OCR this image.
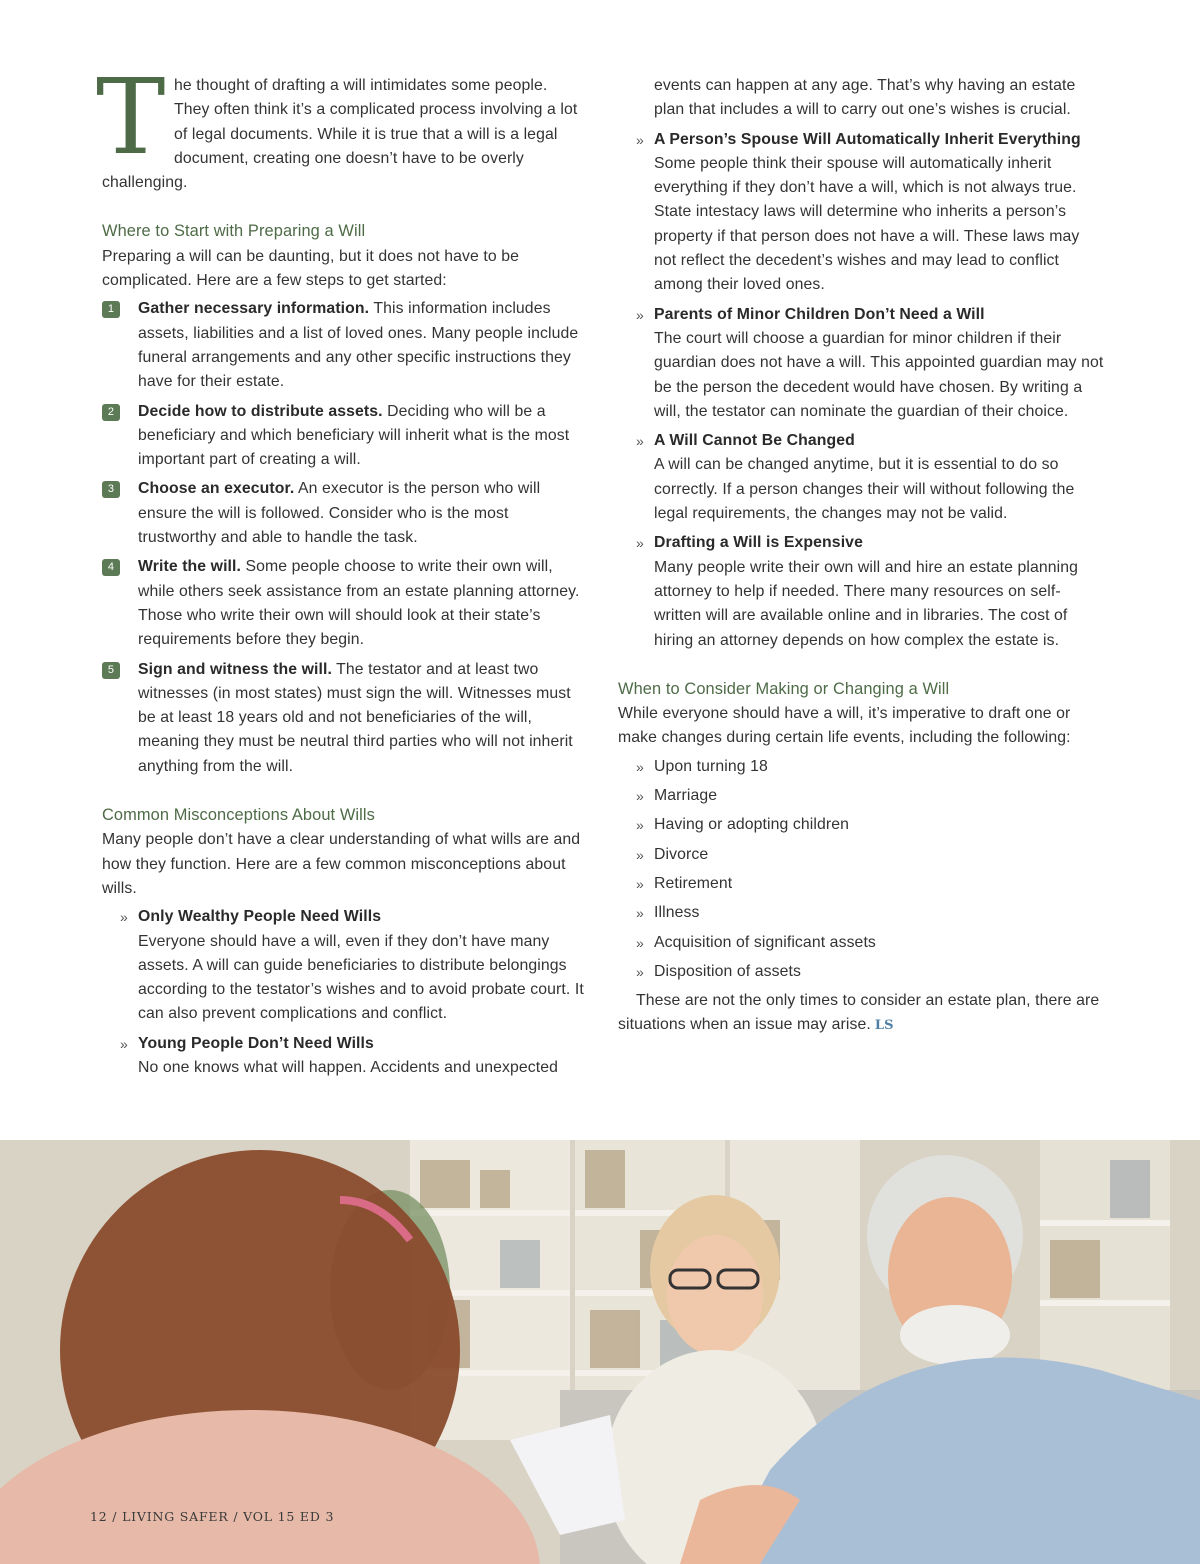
T he thought of drafting a will intimidates some people. They often think it’s a complicated process involving a lot of legal documents. While it is true that a will is a legal document, creating one doesn’t have to be overly challenging.

Where to Start with Preparing a Will

Preparing a will can be daunting, but it does not have to be complicated. Here are a few steps to get started:

1	Gather necessary information. This information includes assets, liabilities and a list of loved ones. Many people include funeral arrangements and any other specific instructions they have for their estate.
2	Decide how to distribute assets. Deciding who will be a beneficiary and which beneficiary will inherit what is the most important part of creating a will.
3	Choose an executor. An executor is the person who will ensure the will is followed. Consider who is the most trustworthy and able to handle the task.
4	Write the will. Some people choose to write their own will, while others seek assistance from an estate planning attorney. Those who write their own will should look at their state’s requirements before they begin.
5	Sign and witness the will. The testator and at least two witnesses (in most states) must sign the will. Witnesses must be at least 18 years old and not beneficiaries of the will, meaning they must be neutral third parties who will not inherit anything from the will.
Common Misconceptions About Wills

Many people don’t have a clear understanding of what wills are and how they function. Here are a few common misconceptions about wills.

» Only Wealthy People Need Wills
Everyone should have a will, even if they don’t have many assets. A will can guide beneficiaries to distribute belongings according to the testator’s wishes and to avoid probate court. It can also prevent complications and conflict.
» Young People Don’t Need Wills
No one knows what will happen. Accidents and unexpected

events can happen at any age. That’s why having an estate plan that includes a will to carry out one’s wishes is crucial.

» A Person’s Spouse Will Automatically Inherit Everything
Some people think their spouse will automatically inherit everything if they don’t have a will, which is not always true. State intestacy laws will determine who inherits a person’s property if that person does not have a will. These laws may not reflect the decedent’s wishes and may lead to conflict among their loved ones.
» Parents of Minor Children Don’t Need a Will
The court will choose a guardian for minor children if their guardian does not have a will. This appointed guardian may not be the person the decedent would have chosen. By writing a will, the testator can nominate the guardian of their choice.
» A Will Cannot Be Changed
A will can be changed anytime, but it is essential to do so correctly. If a person changes their will without following the legal requirements, the changes may not be valid.
» Drafting a Will is Expensive
Many people write their own will and hire an estate planning attorney to help if needed. There many resources on self-written will are available online and in libraries. The cost of hiring an attorney depends on how complex the estate is.
When to Consider Making or Changing a Will

While everyone should have a will, it’s imperative to draft one or make changes during certain life events, including the following:

» Upon turning 18
» Marriage
» Having or adopting children
» Divorce
» Retirement
» Illness
» Acquisition of significant assets
» Disposition of assets

These are not the only times to consider an estate plan, there are situations when an issue may arise. LS

12 / LIVING SAFER / VOL 15 ED 3
